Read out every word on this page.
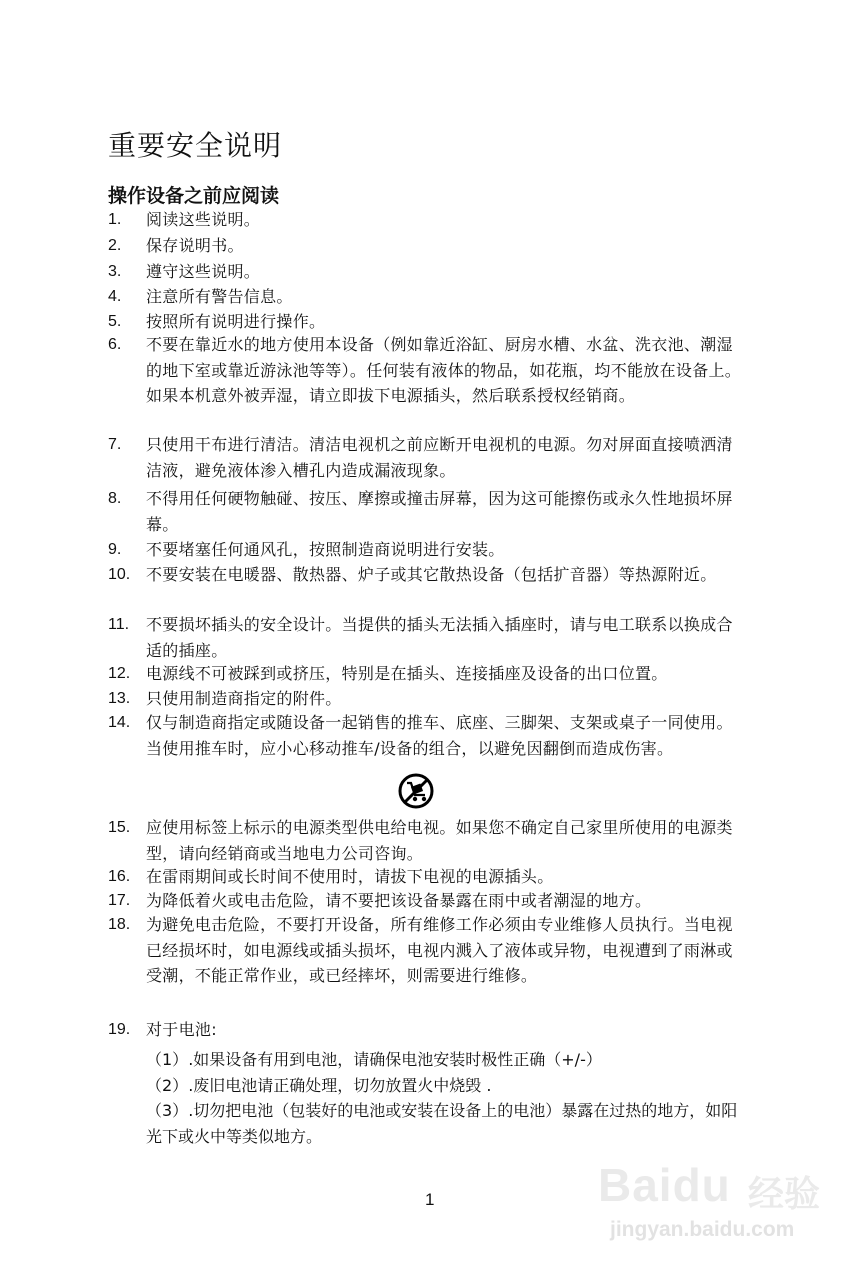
重要安全说明
操作设备之前应阅读
1.	阅读这些说明。
2.	保存说明书。
3.	遵守这些说明。
4.	注意所有警告信息。
5.	按照所有说明进行操作。
6.	不要在靠近水的地方使用本设备（例如靠近浴缸、厨房水槽、水盆、洗衣池、潮湿的地下室或靠近游泳池等等）。任何装有液体的物品，如花瓶，均不能放在设备上。如果本机意外被弄湿，请立即拔下电源插头，然后联系授权经销商。
7.	只使用干布进行清洁。清洁电视机之前应断开电视机的电源。勿对屏面直接喷洒清洁液，避免液体渗入槽孔内造成漏液现象。
8.	不得用任何硬物触碰、按压、摩擦或撞击屏幕，因为这可能擦伤或永久性地损坏屏幕。
9.	不要堵塞任何通风孔，按照制造商说明进行安装。
10. 不要安装在电暖器、散热器、炉子或其它散热设备（包括扩音器）等热源附近。
11.	不要损坏插头的安全设计。当提供的插头无法插入插座时，请与电工联系以换成合适的插座。
12. 电源线不可被踩到或挤压，特别是在插头、连接插座及设备的出口位置。
13. 只使用制造商指定的附件。
14. 仅与制造商指定或随设备一起销售的推车、底座、三脚架、支架或桌子一同使用。当使用推车时，应小心移动推车/设备的组合，以避免因翻倒而造成伤害。
15. 应使用标签上标示的电源类型供电给电视。如果您不确定自己家里所使用的电源类型，请向经销商或当地电力公司咨询。
16. 在雷雨期间或长时间不使用时，请拔下电视的电源插头。
17. 为降低着火或电击危险，请不要把该设备暴露在雨中或者潮湿的地方。
18. 为避免电击危险，不要打开设备，所有维修工作必须由专业维修人员执行。当电视已经损坏时，如电源线或插头损坏，电视内溅入了液体或异物，电视遭到了雨淋或受潮，不能正常作业，或已经摔坏，则需要进行维修。
19. 对于电池:
（1）.如果设备有用到电池，请确保电池安装时极性正确（+/-）
（2）.废旧电池请正确处理，切勿放置火中烧毁 .
（3）.切勿把电池（包装好的电池或安装在设备上的电池）暴露在过热的地方，如阳光下或火中等类似地方。
1	Baidu 经验
jingyan.baidu.com
